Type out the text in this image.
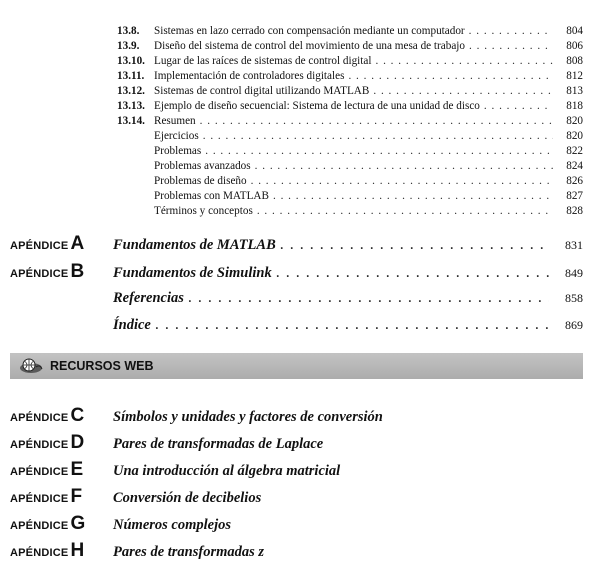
13.8.	Sistemas en lazo cerrado con compensación mediante un computador . . .	804
13.9.	Diseño del sistema de control del movimiento de una mesa de trabajo . . .	806
13.10. Lugar de las raíces de sistemas de control digital . . .	808
13.11. Implementación de controladores digitales . . .	812
13.12. Sistemas de control digital utilizando MATLAB . . .	813
13.13. Ejemplo de diseño secuencial: Sistema de lectura de una unidad de disco . . .	818
13.14. Resumen . . .	820
Ejercicios . . .	820
Problemas . . .	822
Problemas avanzados . . .	824
Problemas de diseño . . .	826
Problemas con MATLAB . . .	827
Términos y conceptos . . .	828
APÉNDICE A	Fundamentos de MATLAB . . .	831
APÉNDICE B	Fundamentos de Simulink . . .	849
Referencias . . .	858
Índice . . .	869
RECURSOS WEB
APÉNDICE C	Símbolos y unidades y factores de conversión
APÉNDICE D	Pares de transformadas de Laplace
APÉNDICE E	Una introducción al álgebra matricial
APÉNDICE F	Conversión de decibelios
APÉNDICE G	Números complejos
APÉNDICE H	Pares de transformadas z
